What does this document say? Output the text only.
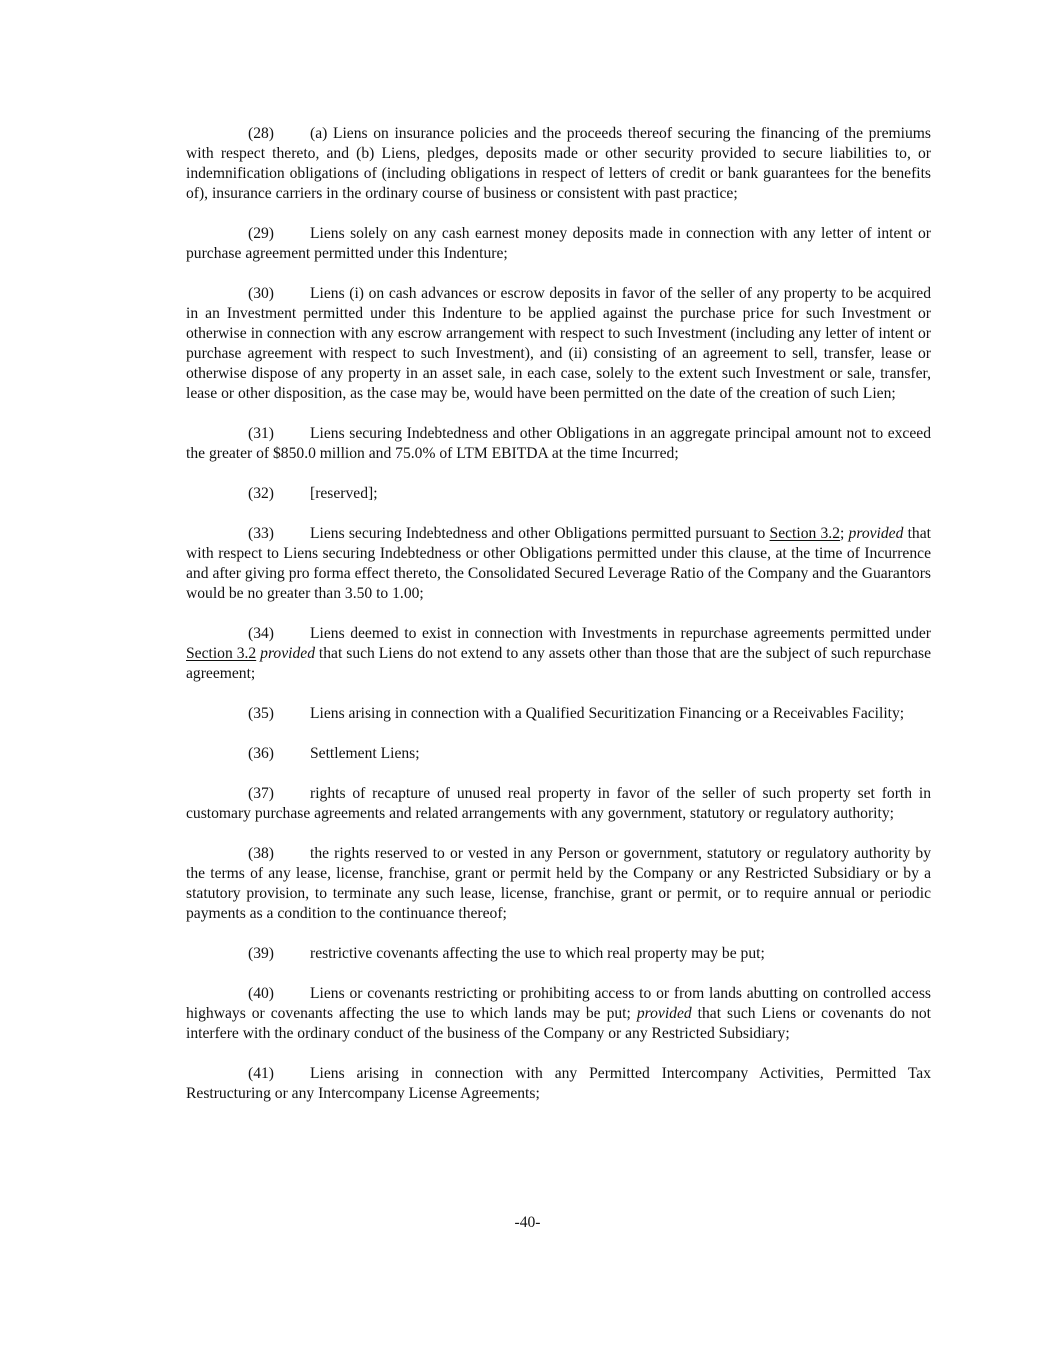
(28) (a) Liens on insurance policies and the proceeds thereof securing the financing of the premiums with respect thereto, and (b) Liens, pledges, deposits made or other security provided to secure liabilities to, or indemnification obligations of (including obligations in respect of letters of credit or bank guarantees for the benefits of), insurance carriers in the ordinary course of business or consistent with past practice;

(29) Liens solely on any cash earnest money deposits made in connection with any letter of intent or purchase agreement permitted under this Indenture;

(30) Liens (i) on cash advances or escrow deposits in favor of the seller of any property to be acquired in an Investment permitted under this Indenture to be applied against the purchase price for such Investment or otherwise in connection with any escrow arrangement with respect to such Investment (including any letter of intent or purchase agreement with respect to such Investment), and (ii) consisting of an agreement to sell, transfer, lease or otherwise dispose of any property in an asset sale, in each case, solely to the extent such Investment or sale, transfer, lease or other disposition, as the case may be, would have been permitted on the date of the creation of such Lien;

(31) Liens securing Indebtedness and other Obligations in an aggregate principal amount not to exceed the greater of $850.0 million and 75.0% of LTM EBITDA at the time Incurred;

(32) [reserved];

(33) Liens securing Indebtedness and other Obligations permitted pursuant to Section 3.2; provided that with respect to Liens securing Indebtedness or other Obligations permitted under this clause, at the time of Incurrence and after giving pro forma effect thereto, the Consolidated Secured Leverage Ratio of the Company and the Guarantors would be no greater than 3.50 to 1.00;

(34) Liens deemed to exist in connection with Investments in repurchase agreements permitted under Section 3.2 provided that such Liens do not extend to any assets other than those that are the subject of such repurchase agreement;

(35) Liens arising in connection with a Qualified Securitization Financing or a Receivables Facility;

(36) Settlement Liens;

(37) rights of recapture of unused real property in favor of the seller of such property set forth in customary purchase agreements and related arrangements with any government, statutory or regulatory authority;

(38) the rights reserved to or vested in any Person or government, statutory or regulatory authority by the terms of any lease, license, franchise, grant or permit held by the Company or any Restricted Subsidiary or by a statutory provision, to terminate any such lease, license, franchise, grant or permit, or to require annual or periodic payments as a condition to the continuance thereof;

(39) restrictive covenants affecting the use to which real property may be put;

(40) Liens or covenants restricting or prohibiting access to or from lands abutting on controlled access highways or covenants affecting the use to which lands may be put; provided that such Liens or covenants do not interfere with the ordinary conduct of the business of the Company or any Restricted Subsidiary;

(41) Liens arising in connection with any Permitted Intercompany Activities, Permitted Tax Restructuring or any Intercompany License Agreements;

-40-
